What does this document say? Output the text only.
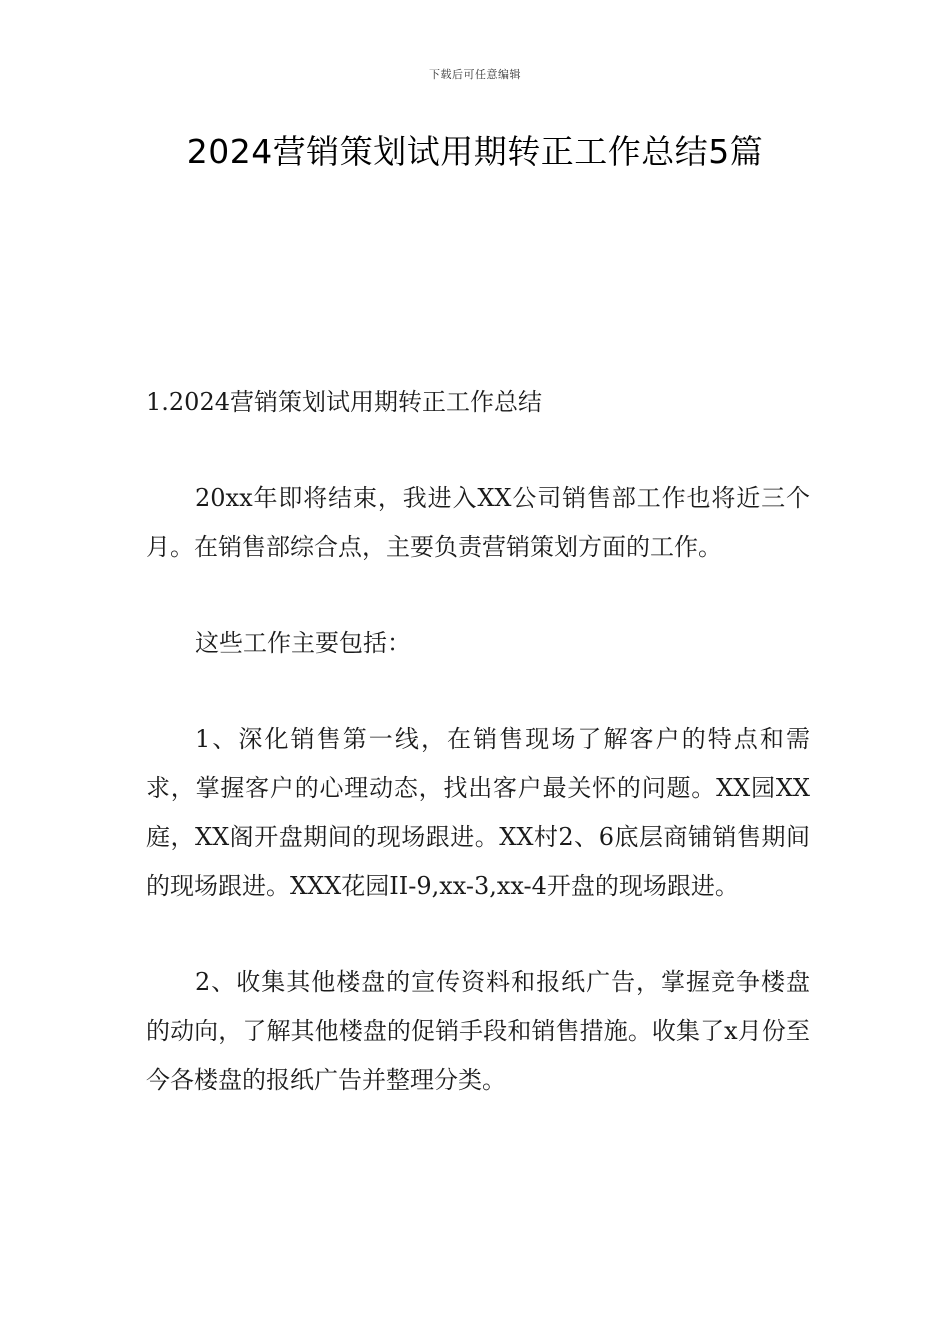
下载后可任意编辑
2024营销策划试用期转正工作总结5篇

1.2024营销策划试用期转正工作总结

20xx年即将结束，我进入XX公司销售部工作也将近三个月。在销售部综合点，主要负责营销策划方面的工作。

这些工作主要包括：

1、深化销售第一线，在销售现场了解客户的特点和需求，掌握客户的心理动态，找出客户最关怀的问题。XX园XX庭，XX阁开盘期间的现场跟进。XX村2、6底层商铺销售期间的现场跟进。XXX花园II-9,xx-3,xx-4开盘的现场跟进。

2、收集其他楼盘的宣传资料和报纸广告，掌握竞争楼盘的动向，了解其他楼盘的促销手段和销售措施。收集了x月份至今各楼盘的报纸广告并整理分类。
